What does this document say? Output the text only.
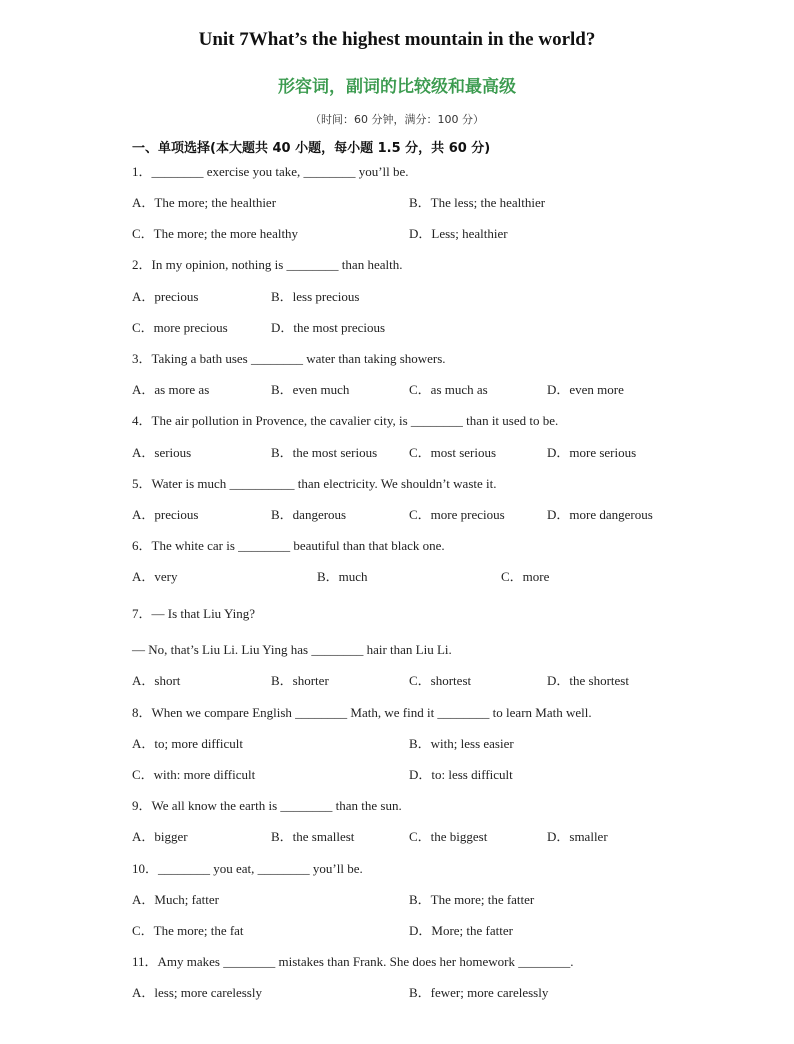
Unit 7What’s the highest mountain in the world?
形容词，副词的比较级和最高级
（时间：60 分钟，满分：100 分）
一、单项选择(本大题共 40 小题，每小题 1.5 分，共 60 分)
1．________ exercise you take, ________ you’ll be.
A．The more; the healthier	B．The less; the healthier
C．The more; the more healthy	D．Less; healthier
2．In my opinion, nothing is ________ than health.
A．precious	B．less precious
C．more precious	D．the most precious
3．Taking a bath uses ________ water than taking showers.
A．as more as	B．even much	C．as much as	D．even more
4．The air pollution in Provence, the cavalier city, is ________ than it used to be.
A．serious	B．the most serious C．most serious	D．more serious
5．Water is much __________ than electricity. We shouldn’t waste it.
A．precious	B．dangerous	C．more precious	D．more dangerous
6．The white car is ________ beautiful than that black one.
A．very	B．much	C．more
7．— Is that Liu Ying?
— No, that’s Liu Li. Liu Ying has ________ hair than Liu Li.
A．short	B．shorter	C．shortest	D．the shortest
8．When we compare English ________ Math, we find it ________ to learn Math well.
A．to; more difficult	B．with; less easier
C．with: more difficult	D．to: less difficult
9．We all know the earth is ________ than the sun.
A．bigger	B．the smallest	C．the biggest	D．smaller
10．________ you eat, ________ you’ll be.
A．Much; fatter	B．The more; the fatter
C．The more; the fat	D．More; the fatter
11．Amy makes ________ mistakes than Frank. She does her homework ________.
A．less; more carelessly	B．fewer; more carelessly
